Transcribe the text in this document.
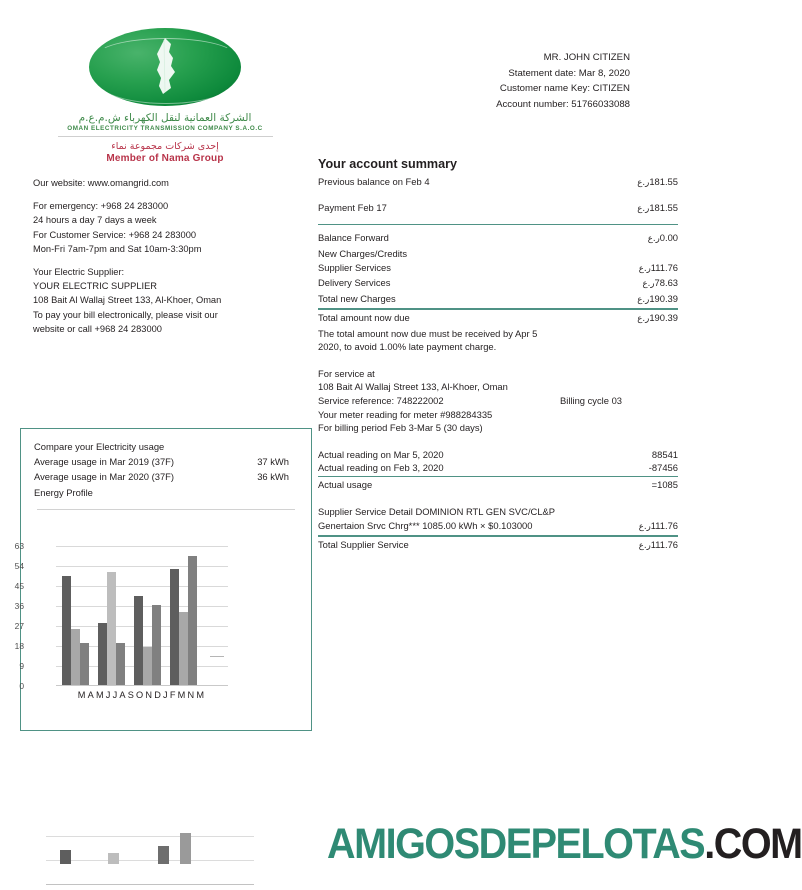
الشركة العمانية لنقل الكهرباء ش.م.ع.م
OMAN ELECTRICITY TRANSMISSION COMPANY S.A.O.C
إحدى شركات مجموعة نماء
Member of Nama Group
MR. JOHN CITIZEN
Statement date: Mar 8, 2020
Customer name Key: CITIZEN
Account number: 51766033088
Our website: www.omangrid.com
For emergency: +968 24 283000
24 hours a day 7 days a week
For Customer Service: +968 24 283000
Mon-Fri 7am-7pm and Sat 10am-3:30pm
Your Electric Supplier:
YOUR ELECTRIC SUPPLIER
108 Bait Al Wallaj Street 133, Al-Khoer, Oman
To pay your bill electronically, please visit our
website or call +968 24 283000
Your account summary
Previous balance on Feb 4	ر.ع181.55
Payment Feb 17	ر.ع181.55
Balance Forward	ر.ع0.00
New Charges/Credits
Supplier Services	ر.ع111.76
Delivery Services	ر.ع78.63
Total new Charges	ر.ع190.39
Total amount now due	ر.ع190.39
The total amount now due must be received by Apr 5
2020, to avoid 1.00% late payment charge.
For service at
108 Bait Al Wallaj Street 133, Al-Khoer, Oman
Service reference: 748222002	Billing cycle 03
Your meter reading for meter #988284335
For billing period Feb 3-Mar 5 (30 days)
Actual reading on Mar 5, 2020	88541
Actual reading on Feb 3, 2020	-87456
Actual usage	=1085
Supplier Service Detail DOMINION RTL GEN SVC/CL&P
Genertaion Srvc Chrg*** 1085.00 kWh × $0.103000	ر.ع111.76
Total Supplier Service	ر.ع111.76
Compare your Electricity usage
Average usage in Mar 2019 (37F)	37 kWh
Average usage in Mar 2020 (37F)	36 kWh
Energy Profile
0
9
18
27
36
45
54
63
MAMJJASONDJFMNM
AMIGOSDEPELOTAS.COM
